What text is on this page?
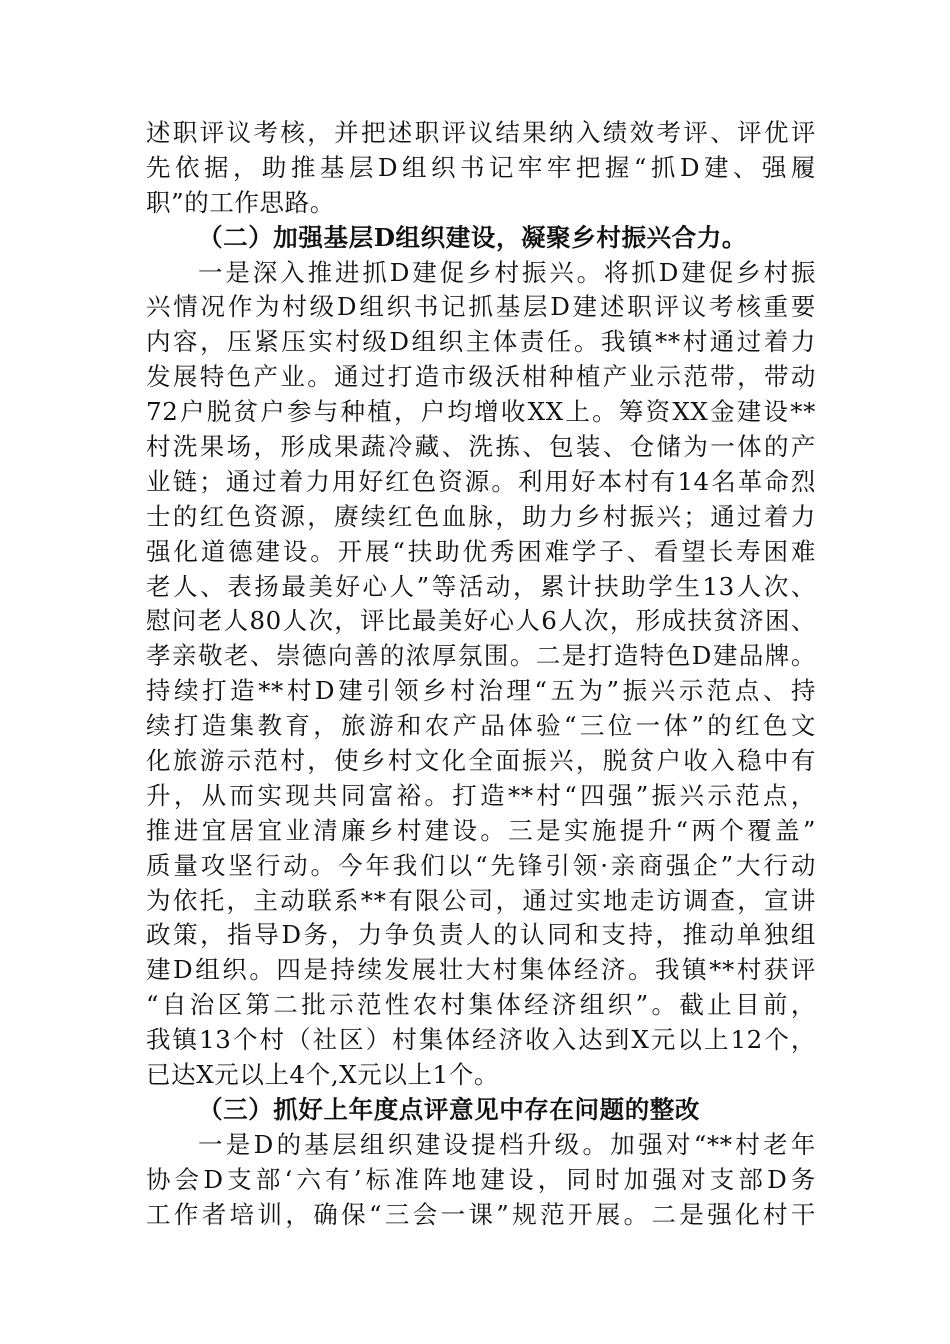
述职评议考核，并把述职评议结果纳入绩效考评、评优评
先依据，助推基层D组织书记牢牢把握“抓D建、强履
职”的工作思路。
（二）加强基层D组织建设，凝聚乡村振兴合力。
一是深入推进抓D建促乡村振兴。将抓D建促乡村振
兴情况作为村级D组织书记抓基层D建述职评议考核重要
内容，压紧压实村级D组织主体责任。我镇**村通过着力
发展特色产业。通过打造市级沃柑种植产业示范带，带动
72户脱贫户参与种植，户均增收XX上。筹资XX金建设**
村洗果场，形成果蔬冷藏、洗拣、包装、仓储为一体的产
业链；通过着力用好红色资源。利用好本村有14名革命烈
士的红色资源，赓续红色血脉，助力乡村振兴；通过着力
强化道德建设。开展“扶助优秀困难学子、看望长寿困难
老人、表扬最美好心人”等活动，累计扶助学生13人次、
慰问老人80人次，评比最美好心人6人次，形成扶贫济困、
孝亲敬老、崇德向善的浓厚氛围。二是打造特色D建品牌。
持续打造**村D建引领乡村治理“五为”振兴示范点、持
续打造集教育，旅游和农产品体验“三位一体”的红色文
化旅游示范村，使乡村文化全面振兴，脱贫户收入稳中有
升，从而实现共同富裕。打造**村“四强”振兴示范点，
推进宜居宜业清廉乡村建设。三是实施提升“两个覆盖”
质量攻坚行动。今年我们以“先锋引领·亲商强企”大行动
为依托，主动联系**有限公司，通过实地走访调查，宣讲
政策，指导D务，力争负责人的认同和支持，推动单独组
建D组织。四是持续发展壮大村集体经济。我镇**村获评
“自治区第二批示范性农村集体经济组织”。截止目前，
我镇13个村（社区）村集体经济收入达到X元以上12个，
已达X元以上4个,X元以上1个。
（三）抓好上年度点评意见中存在问题的整改
一是D的基层组织建设提档升级。加强对“**村老年
协会D支部‘六有’标准阵地建设，同时加强对支部D务
工作者培训，确保“三会一课”规范开展。二是强化村干
